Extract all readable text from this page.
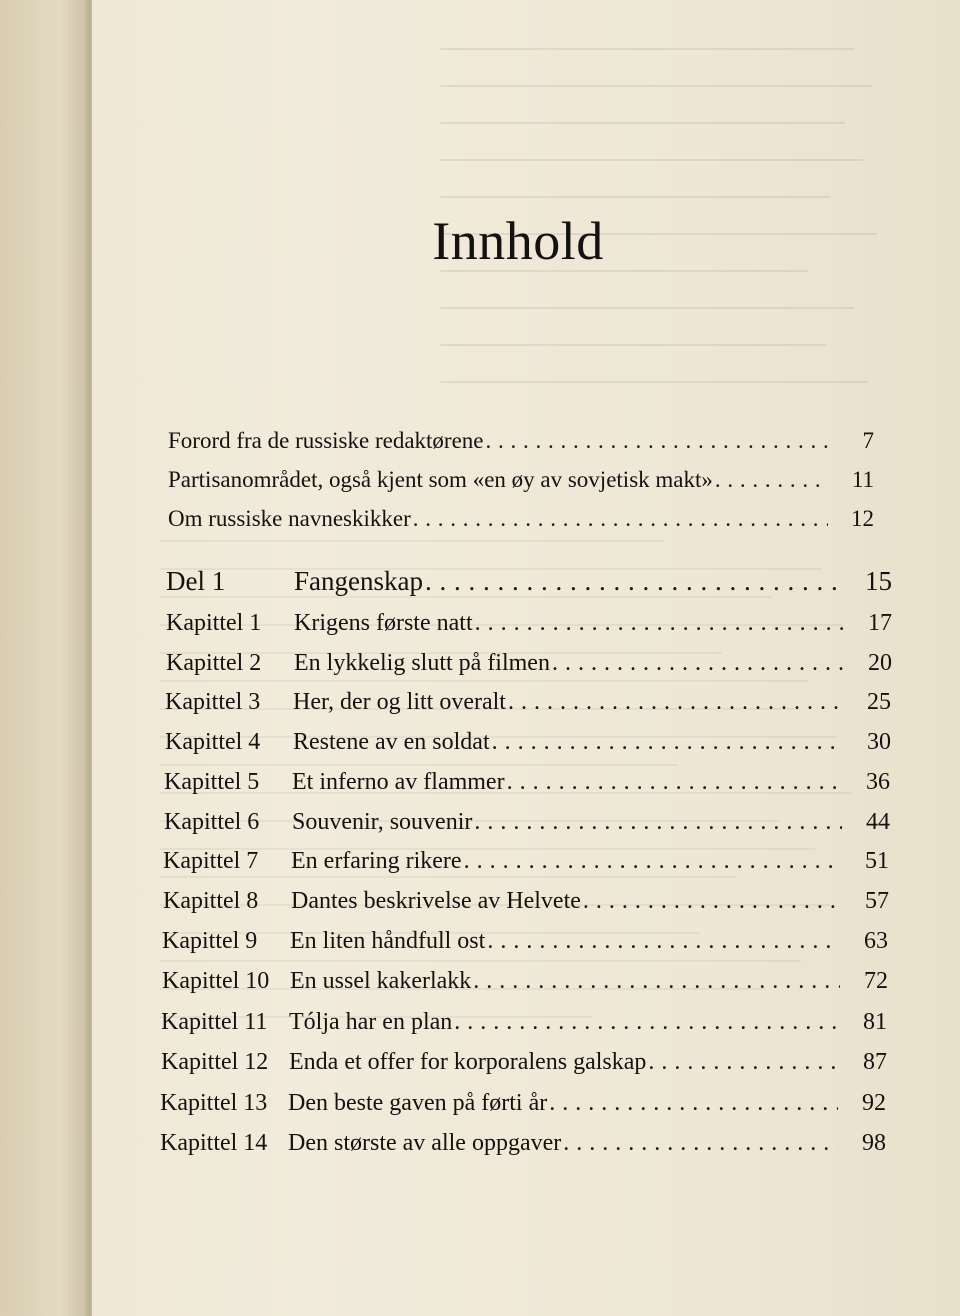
Innhold
Forord fra de russiske redaktørene . . .	7
Partisanområdet, også kjent som «en øy av sovjetisk makt» . . .	11
Om russiske navneskikker . . .	12
Del 1	Fangenskap . . .	15
Kapittel 1	Krigens første natt . . .	17
Kapittel 2	En lykkelig slutt på filmen . . .	20
Kapittel 3	Her, der og litt overalt . . .	25
Kapittel 4	Restene av en soldat . . .	30
Kapittel 5	Et inferno av flammer . . .	36
Kapittel 6	Souvenir, souvenir . . .	44
Kapittel 7	En erfaring rikere . . .	51
Kapittel 8	Dantes beskrivelse av Helvete . . .	57
Kapittel 9	En liten håndfull ost . . .	63
Kapittel 10 En ussel kakerlakk . . .	72
Kapittel 11 Tólja har en plan . . .	81
Kapittel 12 Enda et offer for korporalens galskap . . .	87
Kapittel 13 Den beste gaven på førti år . . .	92
Kapittel 14 Den største av alle oppgaver . . .	98
